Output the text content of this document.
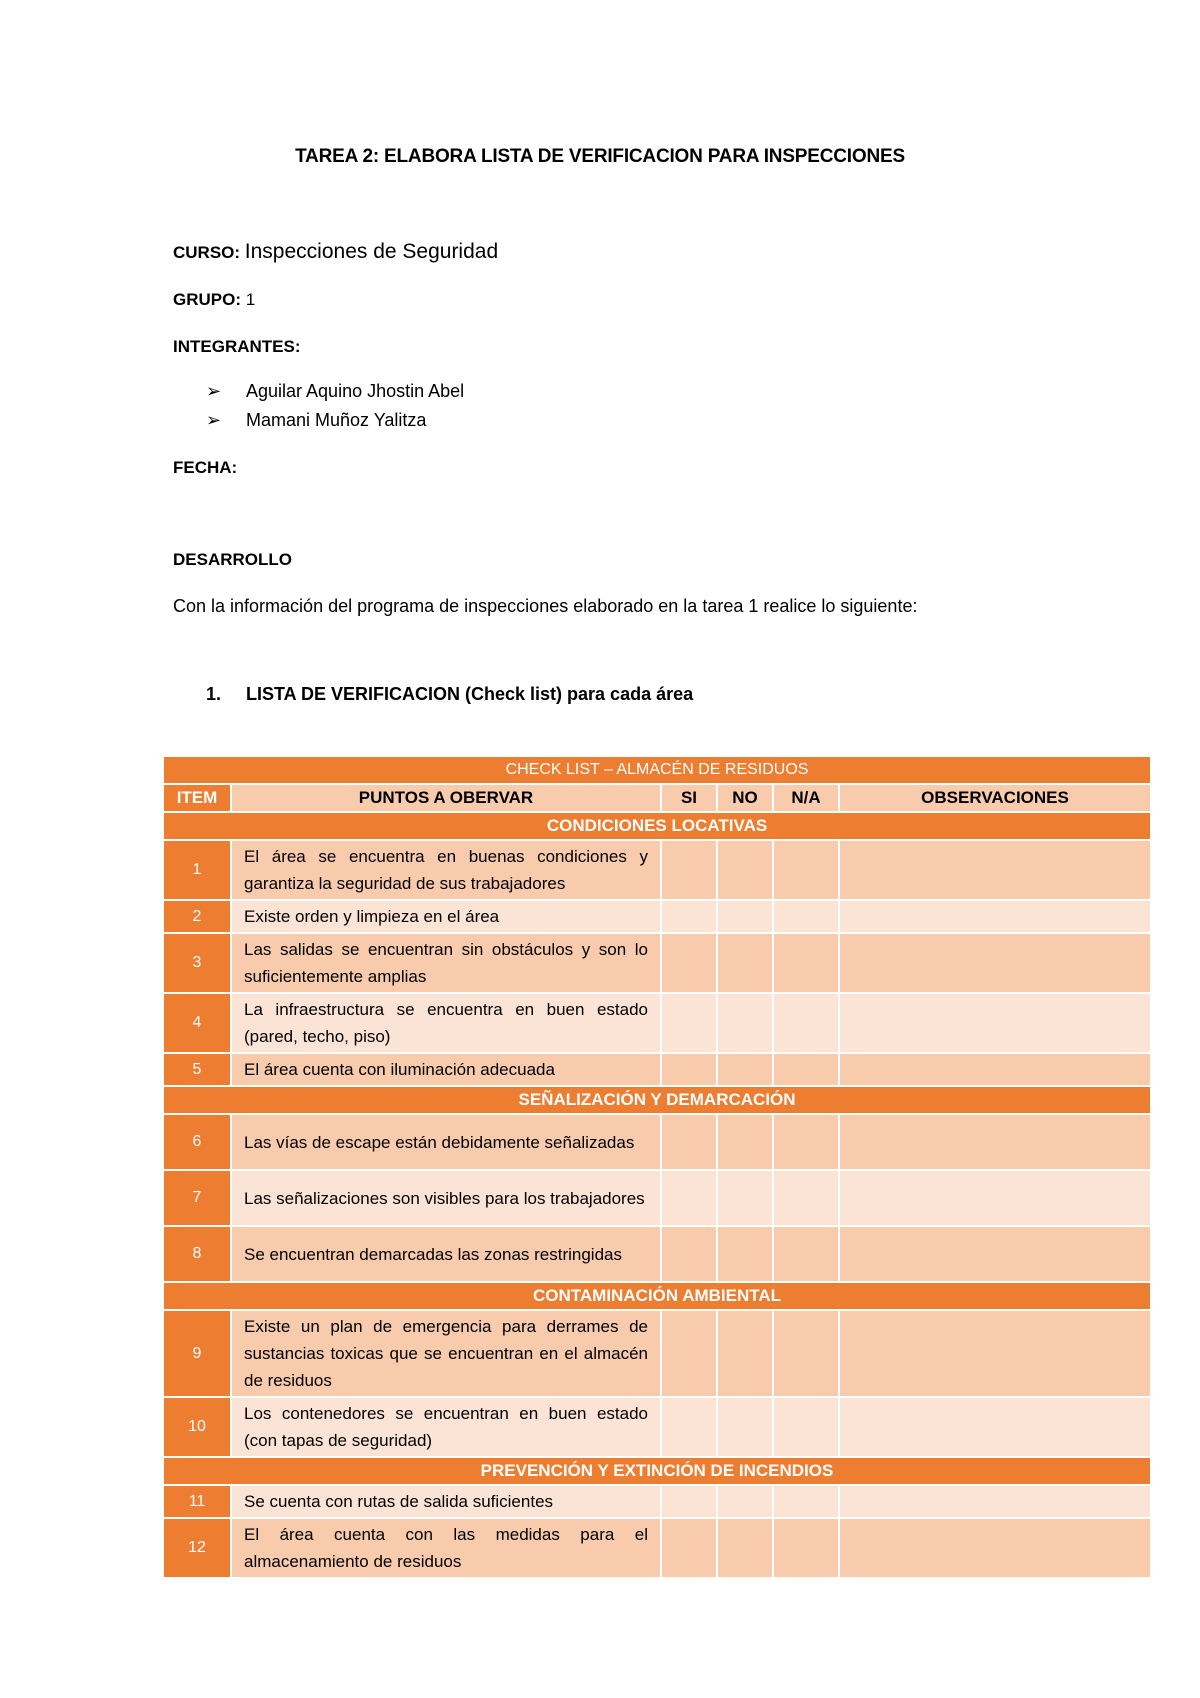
TAREA 2: ELABORA LISTA DE VERIFICACION PARA INSPECCIONES
CURSO: Inspecciones de Seguridad
GRUPO: 1
INTEGRANTES:
➢	Aguilar Aquino Jhostin Abel
➢	Mamani Muñoz Yalitza
FECHA:
DESARROLLO
Con la información del programa de inspecciones elaborado en la tarea 1 realice lo siguiente:
1. LISTA DE VERIFICACION (Check list) para cada área
CHECK LIST – ALMACÉN DE RESIDUOS					
ITEM	PUNTOS A OBERVAR	SI	NO	N/A	OBSERVACIONES
CONDICIONES LOCATIVAS					
1	El área se encuentra en buenas condiciones y garantiza la seguridad de sus trabajadores				
2	Existe orden y limpieza en el área				
3	Las salidas se encuentran sin obstáculos y son lo suficientemente amplias				
4	La infraestructura se encuentra en buen estado (pared, techo, piso)				
5	El área cuenta con iluminación adecuada				
SEÑALIZACIÓN Y DEMARCACIÓN					
6	Las vías de escape están debidamente señalizadas				
7	Las señalizaciones son visibles para los trabajadores				
8	Se encuentran demarcadas las zonas restringidas				
CONTAMINACIÓN AMBIENTAL					
9	Existe un plan de emergencia para derrames de sustancias toxicas que se encuentran en el almacén de residuos				
10	Los contenedores se encuentran en buen estado (con tapas de seguridad)				
PREVENCIÓN Y EXTINCIÓN DE INCENDIOS					
11	Se cuenta con rutas de salida suficientes				
12	El área cuenta con las medidas para el almacenamiento de residuos				
